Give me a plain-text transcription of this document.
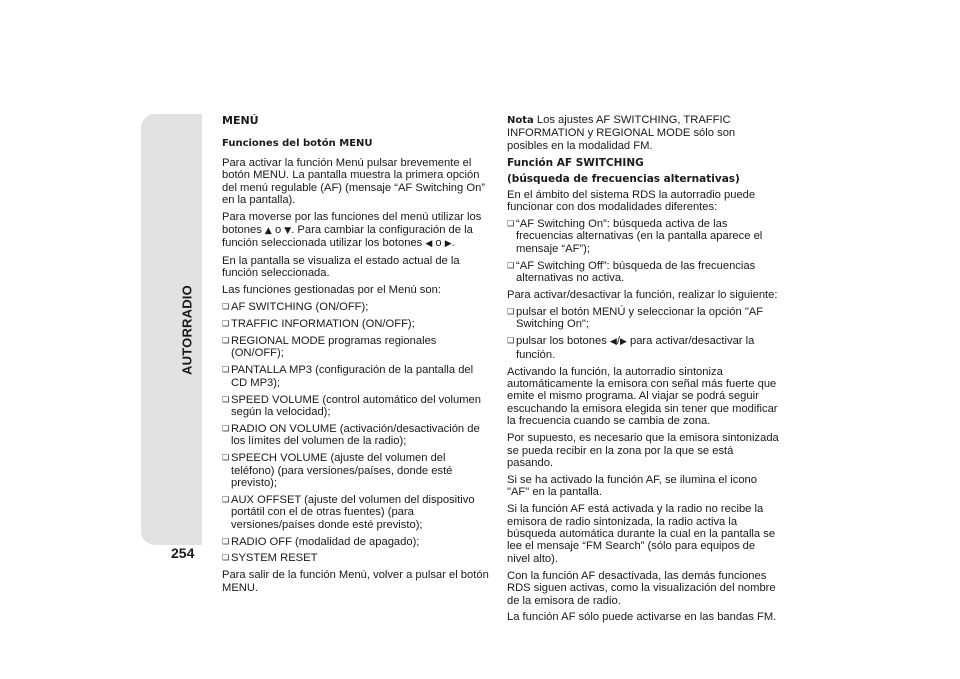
AUTORRADIO
254
MENÚ
Funciones del botón MENU

Para activar la función Menú pulsar brevemente el botón MENU. La pantalla muestra la primera opción del menú regulable (AF) (mensaje “AF Switching On” en la pantalla).

Para moverse por las funciones del menú utilizar los botones ▲ o ▼. Para cambiar la configuración de la función seleccionada utilizar los botones ◀ o ▶.

En la pantalla se visualiza el estado actual de la función seleccionada.

Las funciones gestionadas por el Menú son:

❏ AF SWITCHING (ON/OFF);
❏ TRAFFIC INFORMATION (ON/OFF);
❏ REGIONAL MODE programas regionales (ON/OFF);
❏ PANTALLA MP3 (configuración de la pantalla del CD MP3);
❏ SPEED VOLUME (control automático del volumen según la velocidad);
❏ RADIO ON VOLUME (activación/desactivación de los límites del volumen de la radio);
❏ SPEECH VOLUME (ajuste del volumen del teléfono) (para versiones/países, donde esté previsto);
❏ AUX OFFSET (ajuste del volumen del dispositivo portátil con el de otras fuentes) (para versiones/países donde esté previsto);
❏ RADIO OFF (modalidad de apagado);
❏ SYSTEM RESET

Para salir de la función Menú, volver a pulsar el botón MENU.

Nota Los ajustes AF SWITCHING, TRAFFIC INFORMATION y REGIONAL MODE sólo son posibles en la modalidad FM.

Función AF SWITCHING
(búsqueda de frecuencias alternativas)

En el ámbito del sistema RDS la autorradio puede funcionar con dos modalidades diferentes:

❏ “AF Switching On”: búsqueda activa de las frecuencias alternativas (en la pantalla aparece el mensaje “AF”);
❏ “AF Switching Off”: búsqueda de las frecuencias alternativas no activa.

Para activar/desactivar la función, realizar lo siguiente:

❏ pulsar el botón MENÚ y seleccionar la opción "AF Switching On";
❏ pulsar los botones ◀/▶ para activar/desactivar la función.

Activando la función, la autorradio sintoniza automáticamente la emisora con señal más fuerte que emite el mismo programa. Al viajar se podrá seguir escuchando la emisora elegida sin tener que modificar la frecuencia cuando se cambia de zona.

Por supuesto, es necesario que la emisora sintonizada se pueda recibir en la zona por la que se está pasando.

Si se ha activado la función AF, se ilumina el icono "AF" en la pantalla.

Si la función AF está activada y la radio no recibe la emisora de radio sintonizada, la radio activa la búsqueda automática durante la cual en la pantalla se lee el mensaje “FM Search” (sólo para equipos de nivel alto).

Con la función AF desactivada, las demás funciones RDS siguen activas, como la visualización del nombre de la emisora de radio.

La función AF sólo puede activarse en las bandas FM.
